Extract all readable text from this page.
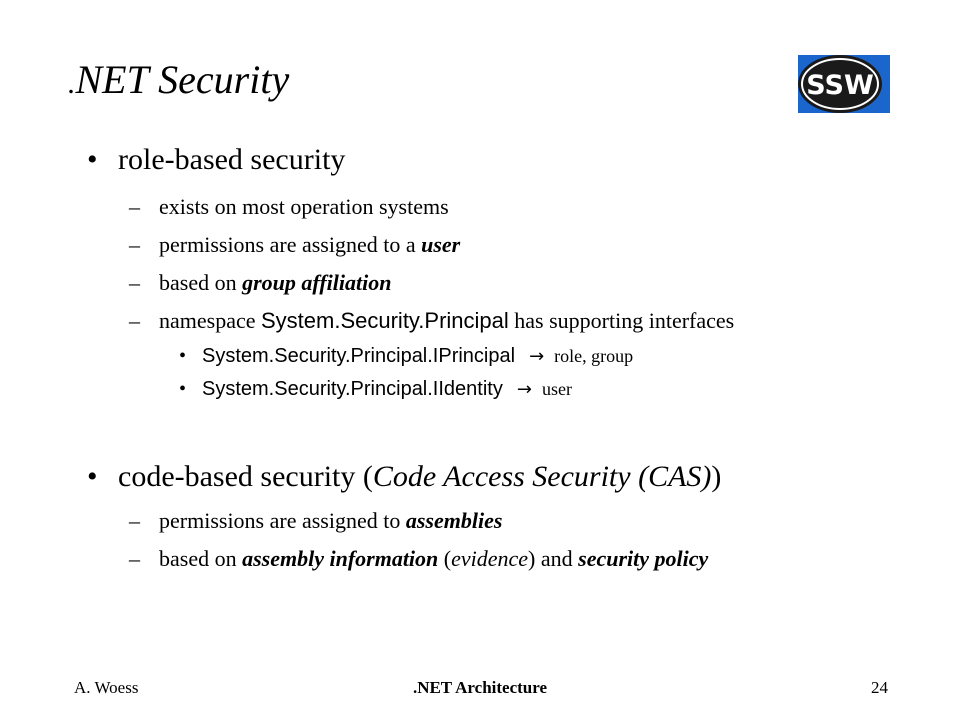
.NET Security	SSW
• role-based security
– exists on most operation systems
– permissions are assigned to a user
– based on group affiliation
– namespace System.Security.Principal has supporting interfaces
• System.Security.Principal.IPrincipal → role, group
• System.Security.Principal.IIdentity → user
• code-based security (Code Access Security (CAS))
– permissions are assigned to assemblies
– based on assembly information (evidence) and security policy
A. Woess	.NET Architecture	24
